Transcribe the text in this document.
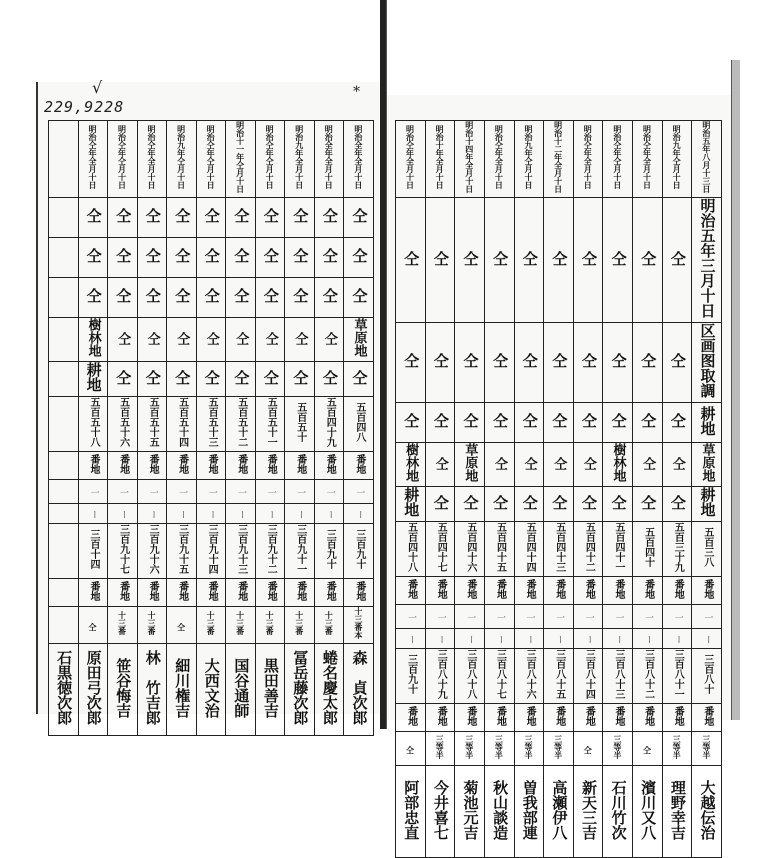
229,9228
√	*
	明治仝年全月十日	明治仝年仝月十日	明治仝年全月十日	明治九年仝月十日	明治仝年仝月十日	明治十一年仝月十日	明治仝年仝月十日	明治九年全月十日	明治全年全月十日	明治全年全月十日
	仝	仝	仝	仝	仝	仝	仝	仝	仝	仝
	仝	仝	仝	仝	仝	仝	仝	仝	仝	仝
	仝	仝	仝	仝	仝	仝	仝	仝	仝	仝
	樹林地	仝	仝	仝	仝	仝	仝	仝	仝	草原地
	耕地	仝	仝	仝	仝	仝	仝	仝	仝	仝
	五百五十八	五百五十六	五百五十五	五百五十四	五百五十三	五百五十二	五百五十一	五百五十	五百四十九	五百四八
	番地	番地	番地	番地	番地	番地	番地	番地	番地	番地
	一	一	一	一	一	一	一	一	一	一
	ー	ー	ー	ー	ー	ー	ー	ー	ー	ー
	三百十四	三百九十七	三百九十六	三百九十五	三百九十四	三百九十三	三百九十二	三百九十一	三百九十	三百九十
	番地	番地	番地	番地	番地	番地	番地	番地	番地	番地
	仝	十三番	十三番	仝	十三番	十三番	十三番	十三番	十三番	十三番本
石黒徳次郎	原田弓次郎	笹谷悔吉	林　竹吉郎	細川権吉	大西文治	国谷通師	黒田善吉	冨岳藤次郎	蜷名慶太郎	森　貞次郎
明治仝年全月十日	明治十年全月十日	明治十四年全月十日	明治仝年全月十日	明治九年仝月十日	明治十二年全月十日	明治仝年全月十日	明治仝年仝月十日	明治仝年全月十日	明治九年仝月十日	明治五年八月十三日
仝	仝	仝	仝	仝	仝	仝	仝	仝	仝	明治五年三月十日
仝	仝	仝	仝	仝	仝	仝	仝	仝	仝	区画图取調
仝	仝	仝	仝	仝	仝	仝	仝	仝	仝	耕地
樹林地	仝	草原地	仝	仝	仝	仝	樹林地	仝	仝	草原地
耕地	仝	仝	仝	仝	仝	仝	仝	仝	仝	耕地
五百四十八	五百四十七	五百四十六	五百四十五	五百四十四	五百四十三	五百四十二	五百四十一	五百四十	五百三十九	五百三八
番地	番地	番地	番地	番地	番地	番地	番地	番地	番地	番地
一	一	一	一	一	一	一	一	一	一	一
ー	ー	ー	ー	ー	ー	ー	ー	ー	ー	ー
三百九十	三百八十九	三百八十八	三百八十七	三百八十六	三百八十五	三百八十四	三百八十三	三百八十二	三百八十一	三百八十
番地	番地	番地	番地	番地	番地	番地	番地	番地	番地	番地
仝	三等半	三等半	三等半	三等半	三等半	仝	三等半	仝	三等半	三等半
阿部忠直	今井喜七	菊池元吉	秋山談造	曽我部連	高瀬伊八	新天三吉	石川竹次	濱川又八	理野幸吉	大越伝治
